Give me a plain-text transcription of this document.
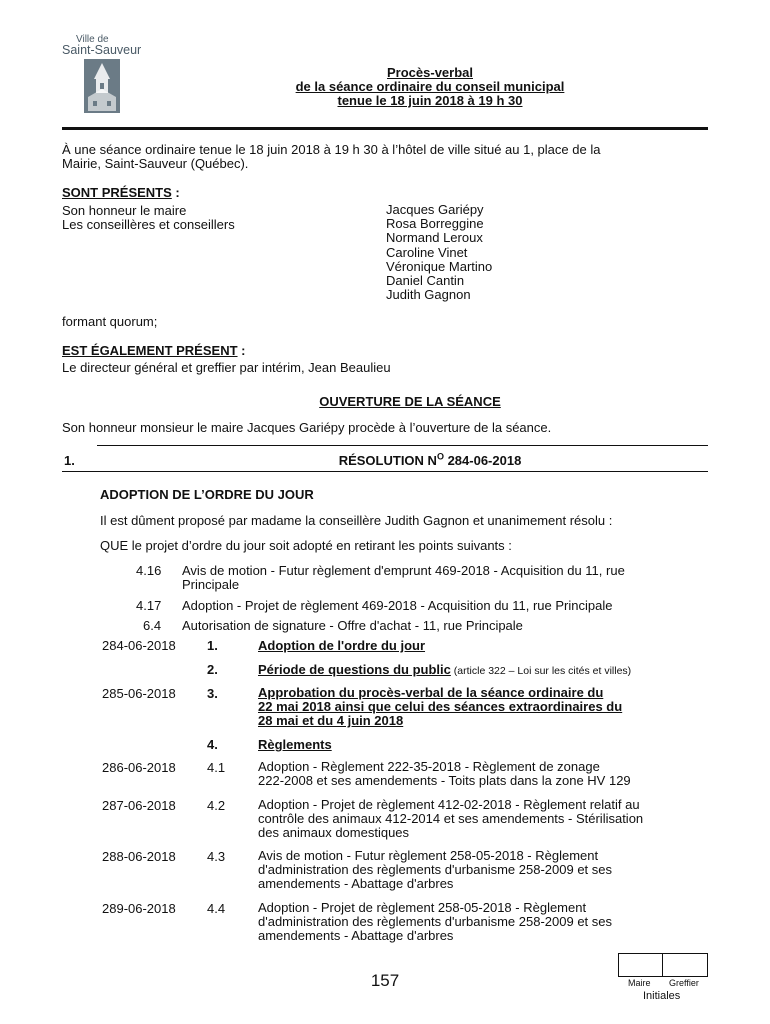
Ville de
Saint-Sauveur
Procès-verbal
de la séance ordinaire du conseil municipal
tenue le 18 juin 2018 à 19 h 30
À une séance ordinaire tenue le 18 juin 2018 à 19 h 30 à l’hôtel de ville situé au 1, place de la
Mairie, Saint-Sauveur (Québec).
SONT PRÉSENTS :
Son honneur le maire
Les conseillères et conseillers
Jacques Gariépy
Rosa Borreggine
Normand Leroux
Caroline Vinet
Véronique Martino
Daniel Cantin
Judith Gagnon
formant quorum;
EST ÉGALEMENT PRÉSENT :
Le directeur général et greffier par intérim, Jean Beaulieu
OUVERTURE DE LA SÉANCE
Son honneur monsieur le maire Jacques Gariépy procède à l’ouverture de la séance.
1.	RÉSOLUTION $N^O$ 284-06-2018
ADOPTION DE L’ORDRE DU JOUR
Il est dûment proposé par madame la conseillère Judith Gagnon et unanimement résolu :
QUE le projet d’ordre du jour soit adopté en retirant les points suivants :
4.16 Avis de motion - Futur règlement d'emprunt 469-2018 - Acquisition du 11, rue
Principale
4.17 Adoption - Projet de règlement 469-2018 - Acquisition du 11, rue Principale
6.4 Autorisation de signature - Offre d'achat - 11, rue Principale
284-06-2018 1.	Adoption de l'ordre du jour
2.	Période de questions du public (article 322 – Loi sur les cités et villes)
285-06-2018 3.	Approbation du procès-verbal de la séance ordinaire du
22 mai 2018 ainsi que celui des séances extraordinaires du
28 mai et du 4 juin 2018
4.	Règlements
286-06-2018 4.1	Adoption - Règlement 222-35-2018 - Règlement de zonage
222-2008 et ses amendements - Toits plats dans la zone HV 129
287-06-2018 4.2	Adoption - Projet de règlement 412-02-2018 - Règlement relatif au
contrôle des animaux 412-2014 et ses amendements - Stérilisation
des animaux domestiques
288-06-2018 4.3	Avis de motion - Futur règlement 258-05-2018 - Règlement
d'administration des règlements d'urbanisme 258-2009 et ses
amendements - Abattage d'arbres
289-06-2018 4.4	Adoption - Projet de règlement 258-05-2018 - Règlement
d'administration des règlements d'urbanisme 258-2009 et ses
amendements - Abattage d'arbres
157	Maire Greffier
Initiales
